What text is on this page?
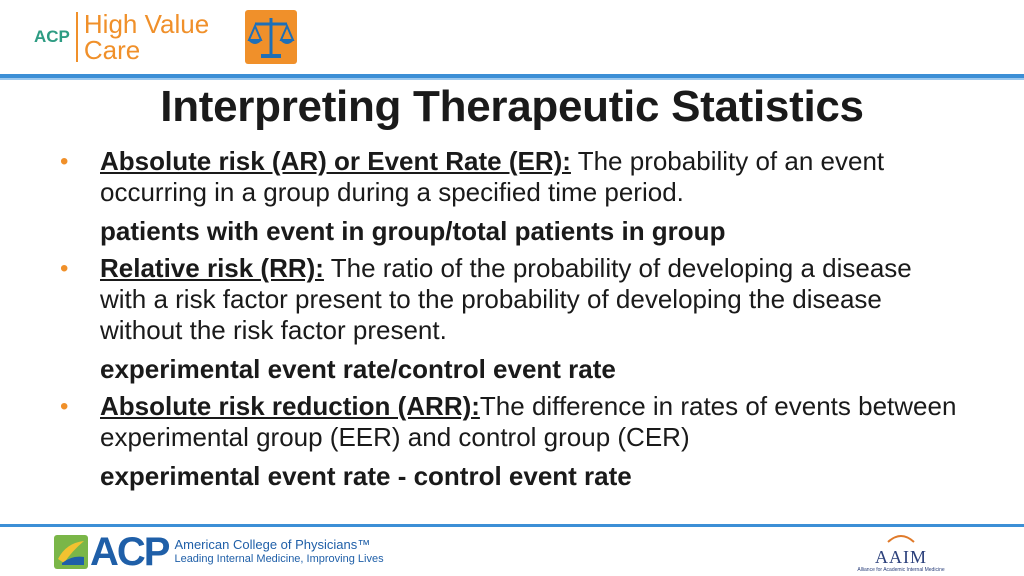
ACP High Value
Care
Interpreting Therapeutic Statistics
• Absolute risk (AR) or Event Rate (ER): The probability of an event occurring in a group during a specified time period.
patients with event in group/total patients in group
• Relative risk (RR): The ratio of the probability of developing a disease with a risk factor present to the probability of developing the disease without the risk factor present.
experimental event rate/control event rate
• Absolute risk reduction (ARR):The difference in rates of events between experimental group (EER) and control group (CER)
experimental event rate - control event rate
ACP American College of Physicians™
Leading Internal Medicine, Improving Lives	AAIM
Alliance for Academic Internal Medicine
